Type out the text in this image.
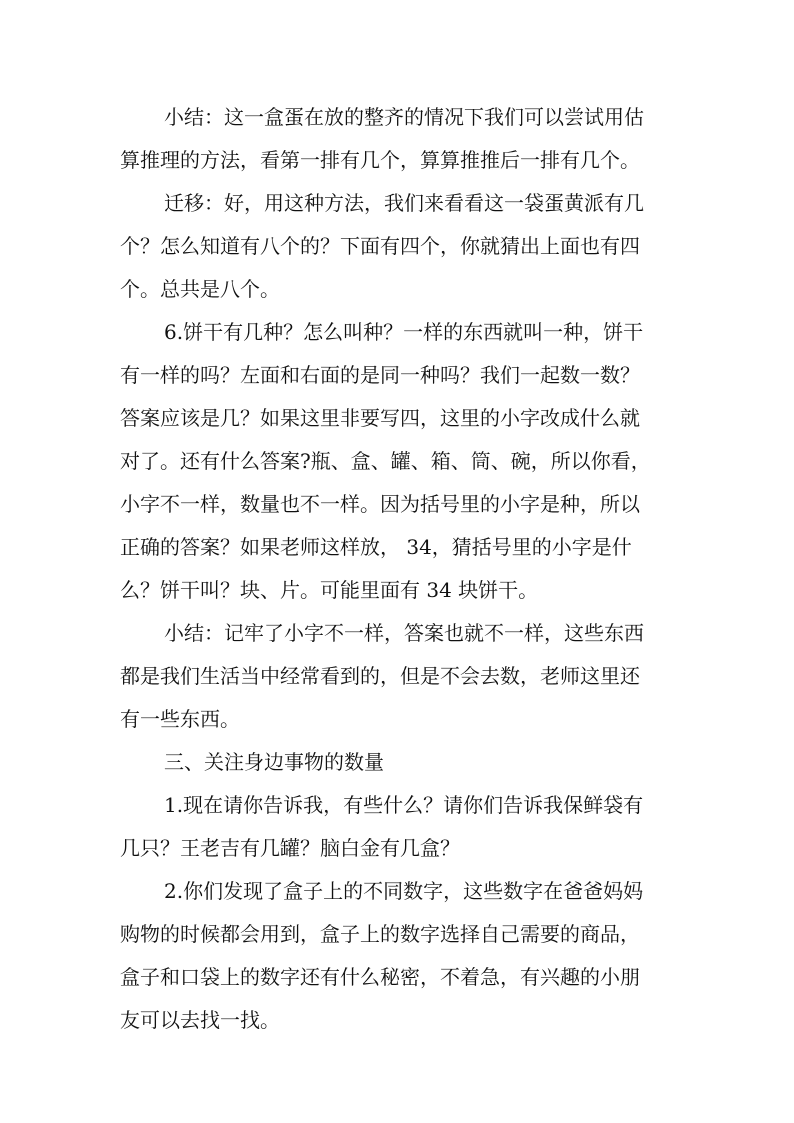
小结：这一盒蛋在放的整齐的情况下我们可以尝试用估
算推理的方法，看第一排有几个，算算推推后一排有几个。
迁移：好，用这种方法，我们来看看这一袋蛋黄派有几
个？怎么知道有八个的？下面有四个，你就猜出上面也有四
个。总共是八个。
6.饼干有几种？怎么叫种？一样的东西就叫一种，饼干
有一样的吗？左面和右面的是同一种吗？我们一起数一数？
答案应该是几？如果这里非要写四，这里的小字改成什么就
对了。还有什么答案?瓶、盒、罐、箱、筒、碗，所以你看，
小字不一样，数量也不一样。因为括号里的小字是种，所以
正确的答案？如果老师这样放， 34，猜括号里的小字是什
么？饼干叫？块、片。可能里面有 34 块饼干。
小结：记牢了小字不一样，答案也就不一样，这些东西
都是我们生活当中经常看到的，但是不会去数，老师这里还
有一些东西。
三、关注身边事物的数量
1.现在请你告诉我，有些什么？请你们告诉我保鲜袋有
几只？王老吉有几罐？脑白金有几盒？
2.你们发现了盒子上的不同数字，这些数字在爸爸妈妈
购物的时候都会用到，盒子上的数字选择自己需要的商品，
盒子和口袋上的数字还有什么秘密，不着急，有兴趣的小朋
友可以去找一找。
